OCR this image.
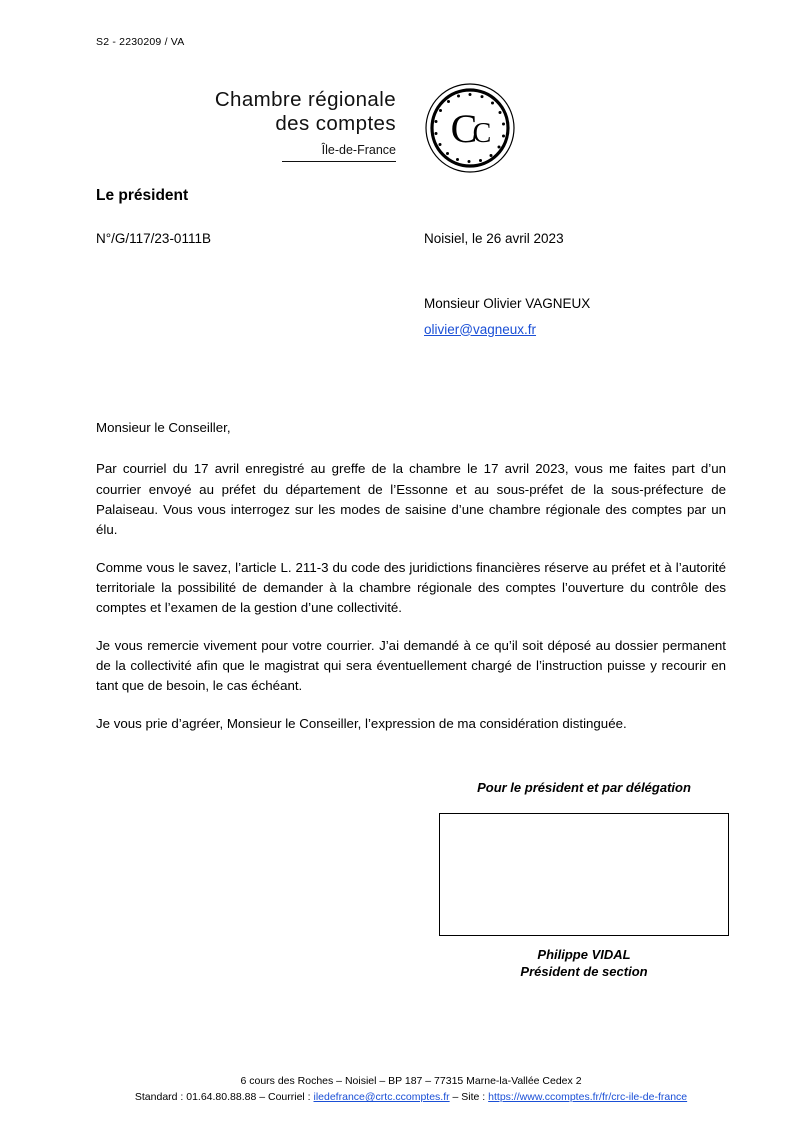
S2 - 2230209 / VA
Chambre régionale
des comptes
Île-de-France C
C
Le président
N°/G/117/23-0111B	Noisiel, le 26 avril 2023
Monsieur Olivier VAGNEUX
olivier@vagneux.fr

Monsieur le Conseiller,

Par courriel du 17 avril enregistré au greffe de la chambre le 17 avril 2023, vous me faites part d’un courrier envoyé au préfet du département de l’Essonne et au sous-préfet de la sous-préfecture de Palaiseau. Vous vous interrogez sur les modes de saisine d’une chambre régionale des comptes par un élu.

Comme vous le savez, l’article L. 211-3 du code des juridictions financières réserve au préfet et à l’autorité territoriale la possibilité de demander à la chambre régionale des comptes l’ouverture du contrôle des comptes et l’examen de la gestion d’une collectivité.

Je vous remercie vivement pour votre courrier. J’ai demandé à ce qu’il soit déposé au dossier permanent de la collectivité afin que le magistrat qui sera éventuellement chargé de l’instruction puisse y recourir en tant que de besoin, le cas échéant.

Je vous prie d’agréer, Monsieur le Conseiller, l’expression de ma considération distinguée.

Pour le président et par délégation
Philippe VIDAL
Président de section
6 cours des Roches – Noisiel – BP 187 – 77315 Marne-la-Vallée Cedex 2
Standard : 01.64.80.88.88 – Courriel : iledefrance@crtc.ccomptes.fr – Site : https://www.ccomptes.fr/fr/crc-ile-de-france
